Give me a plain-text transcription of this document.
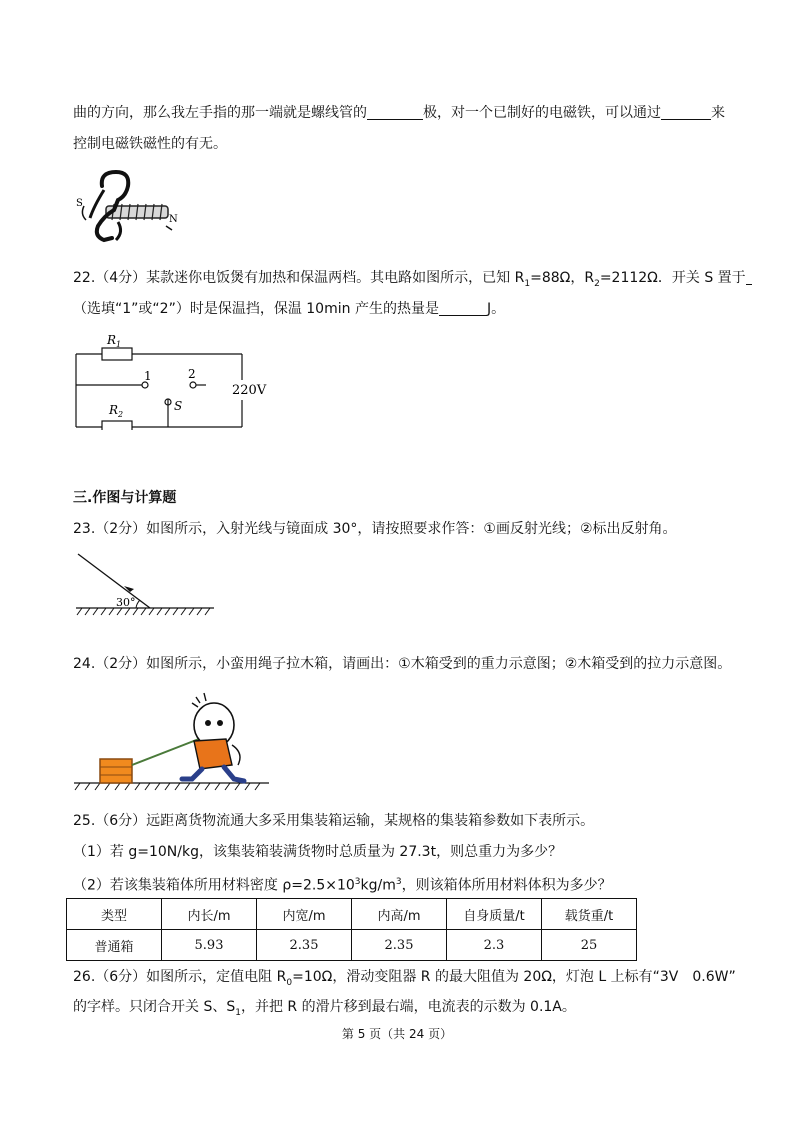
曲的方向，那么我左手指的那一端就是螺线管的	极，对一个已制好的电磁铁，可以通过	来
控制电磁铁磁性的有无。
S
N
22.（4分）某款迷你电饭煲有加热和保温两档。其电路如图所示，已知 $R_1=88\Omega$，$R_2=2112\Omega$．开关 S 置于
（选填“1”或“2”）时是保温挡，保温 10min 产生的热量是	J。
$R_1$
$R_2$
1	2
S
220V
三.作图与计算题
23.（2分）如图所示，入射光线与镜面成 30°，请按照要求作答：①画反射光线；②标出反射角。
30°
24.（2分）如图所示，小蛮用绳子拉木箱，请画出：①木箱受到的重力示意图；②木箱受到的拉力示意图。
25.（6分）远距离货物流通大多采用集装箱运输，某规格的集装箱参数如下表所示。
（1）若 g=10N/kg，该集装箱装满货物时总质量为 27.3t，则总重力为多少？
（2）若该集装箱体所用材料密度 $\rho=2.5\times 10^3kg/m^3$，则该箱体所用材料体积为多少？
类型	内长/m	内宽/m	内高/m	自身质量/t	载货重/t
普通箱	5.93	2.35	2.35	2.3	25
26.（6分）如图所示，定值电阻 $R_0=10\Omega$，滑动变阻器 R 的最大阻值为 20Ω，灯泡 L 上标有“3V　0.6W”
的字样。只闭合开关 S、$S_1$，并把 R 的滑片移到最右端，电流表的示数为 0.1A。
第 5 页（共 24 页）
